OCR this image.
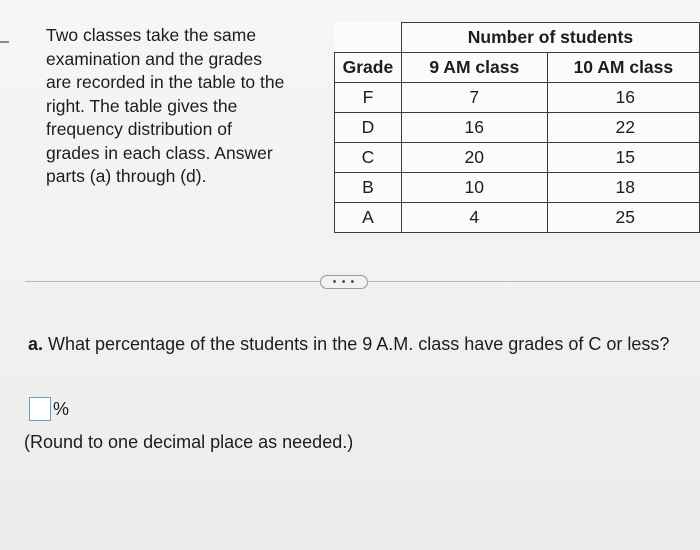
Two classes take the same
examination and the grades
are recorded in the table to the
right. The table gives the
frequency distribution of
grades in each class. Answer
parts (a) through (d).

	Number of students	
Grade	9 AM class	10 AM class
F	7	16
D	16	22
C	20	15
B	10	18
A	4	25
• • •

a. What percentage of the students in the 9 A.M. class have grades of C or less?

%

(Round to one decimal place as needed.)
